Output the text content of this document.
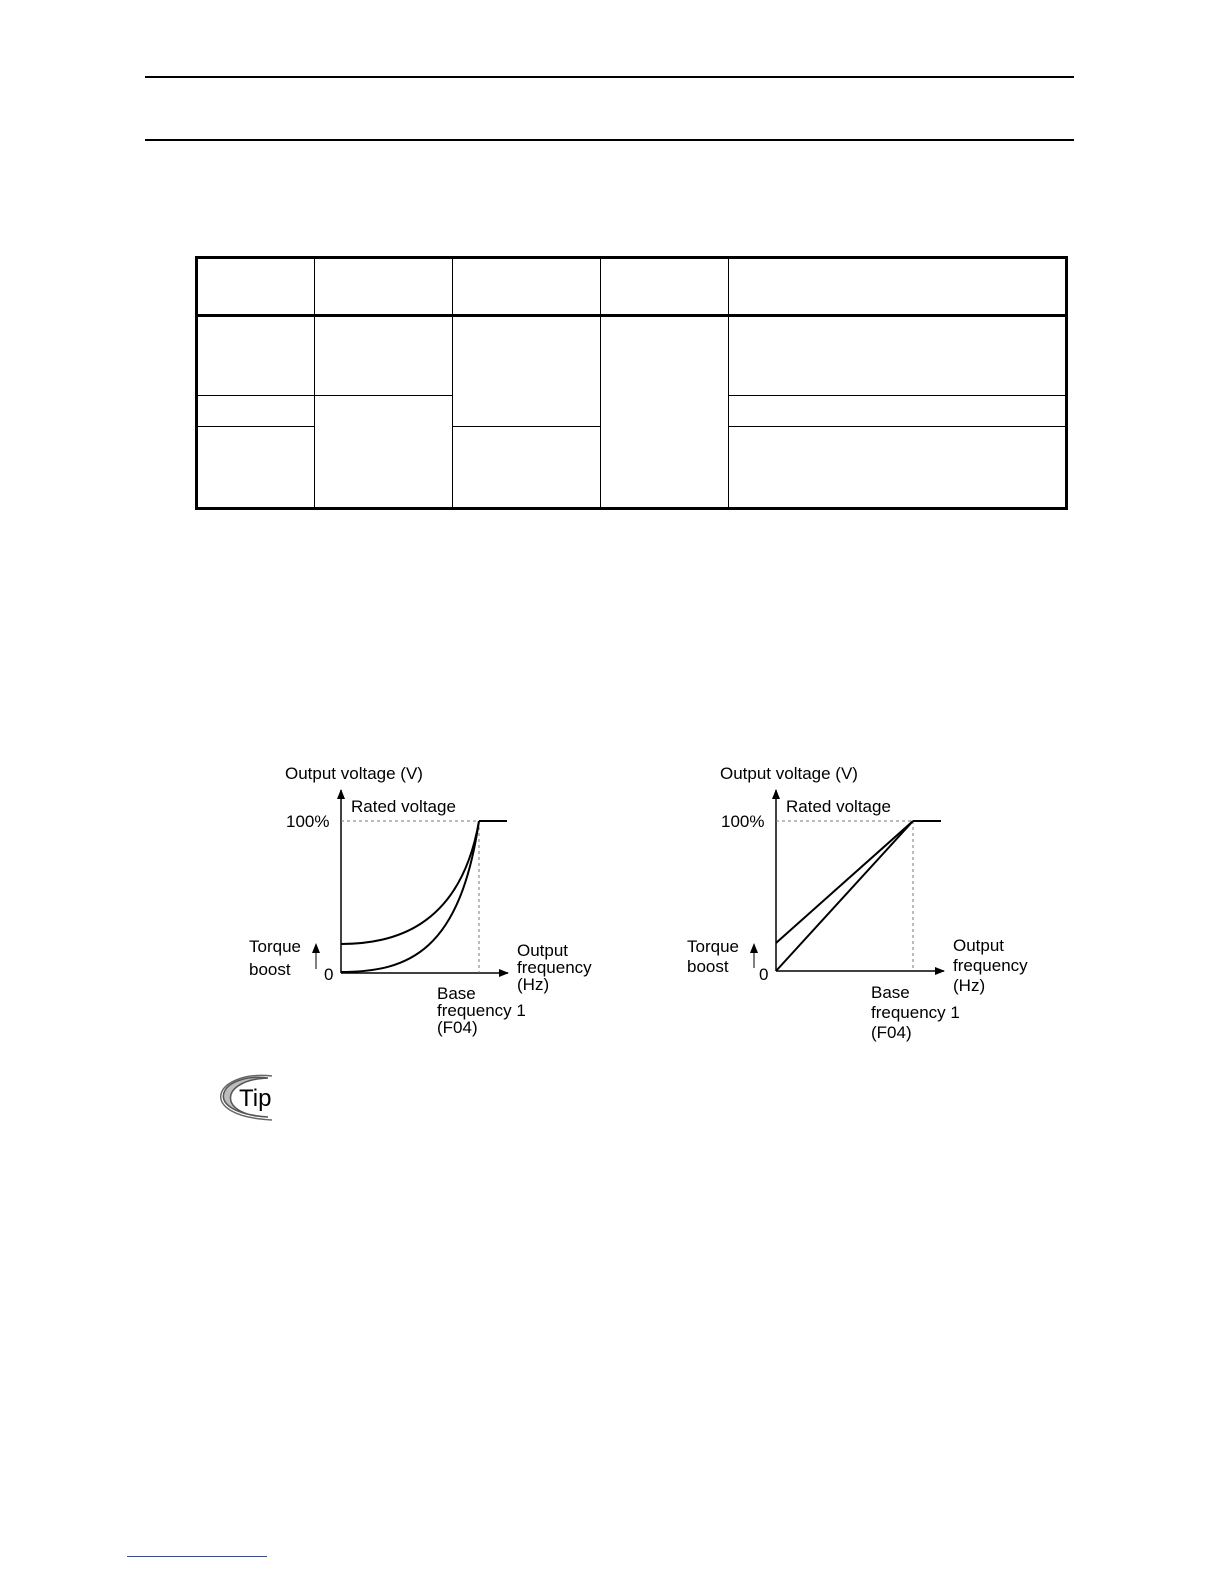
Output voltage (V)
Rated voltage
100%
Torque
boost 0
Output
frequency
(Hz)
Base
frequency 1
(F04)
Output voltage (V)
Rated voltage
100%
Torque
boost 0
Output
frequency
(Hz)
Base
frequency 1
(F04)
Tip
